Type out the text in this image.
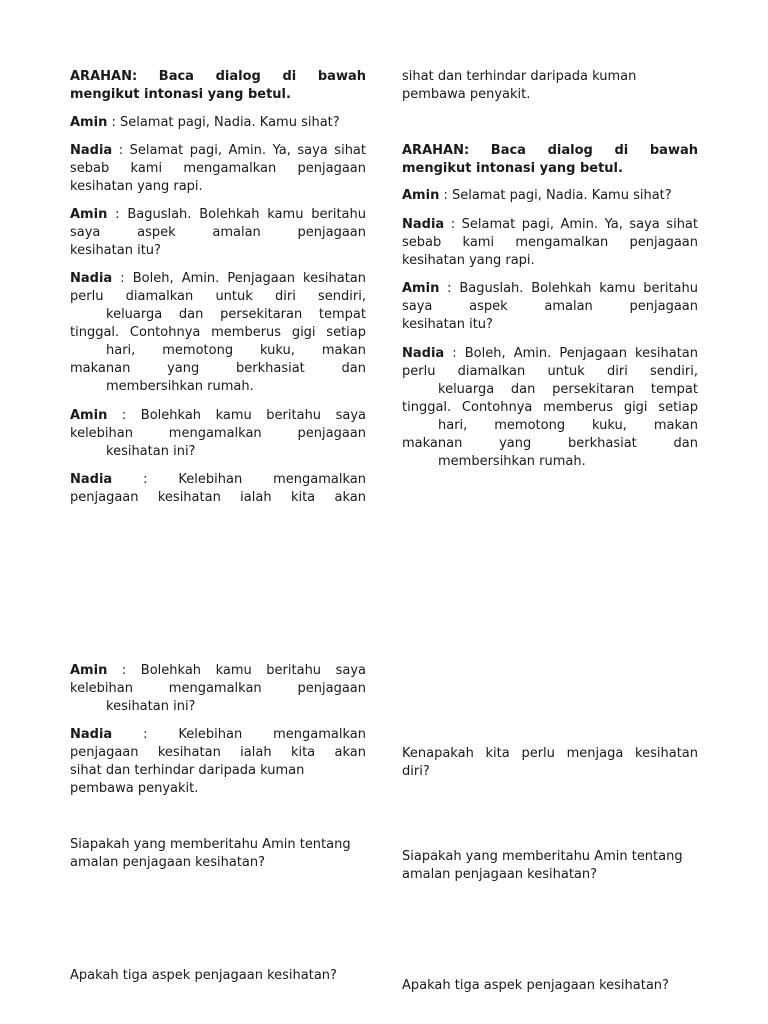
ARAHAN: Baca dialog di bawah
mengikut intonasi yang betul.
Amin : Selamat pagi, Nadia. Kamu sihat?
Nadia : Selamat pagi, Amin. Ya, saya sihat
sebab kami mengamalkan penjagaan
kesihatan yang rapi.
Amin : Baguslah. Bolehkah kamu beritahu
saya aspek amalan penjagaan
kesihatan itu?
Nadia : Boleh, Amin. Penjagaan kesihatan
perlu diamalkan untuk diri sendiri,
keluarga dan persekitaran tempat
tinggal. Contohnya memberus gigi setiap
hari, memotong kuku, makan
makanan yang berkhasiat dan
membersihkan rumah.
Amin : Bolehkah kamu beritahu saya
kelebihan mengamalkan penjagaan
kesihatan ini?
Nadia : Kelebihan mengamalkan
penjagaan kesihatan ialah kita akan
Amin : Bolehkah kamu beritahu saya
kelebihan mengamalkan penjagaan
kesihatan ini?
Nadia : Kelebihan mengamalkan
penjagaan kesihatan ialah kita akan
sihat dan terhindar daripada kuman
pembawa penyakit.
Siapakah yang memberitahu Amin tentang
amalan penjagaan kesihatan?
Apakah tiga aspek penjagaan kesihatan?
sihat dan terhindar daripada kuman
pembawa penyakit.
ARAHAN: Baca dialog di bawah
mengikut intonasi yang betul.
Amin : Selamat pagi, Nadia. Kamu sihat?
Nadia : Selamat pagi, Amin. Ya, saya sihat
sebab kami mengamalkan penjagaan
kesihatan yang rapi.
Amin : Baguslah. Bolehkah kamu beritahu
saya aspek amalan penjagaan
kesihatan itu?
Nadia : Boleh, Amin. Penjagaan kesihatan
perlu diamalkan untuk diri sendiri,
keluarga dan persekitaran tempat
tinggal. Contohnya memberus gigi setiap
hari, memotong kuku, makan
makanan yang berkhasiat dan
membersihkan rumah.
Kenapakah kita perlu menjaga kesihatan
diri?
Siapakah yang memberitahu Amin tentang
amalan penjagaan kesihatan?
Apakah tiga aspek penjagaan kesihatan?
